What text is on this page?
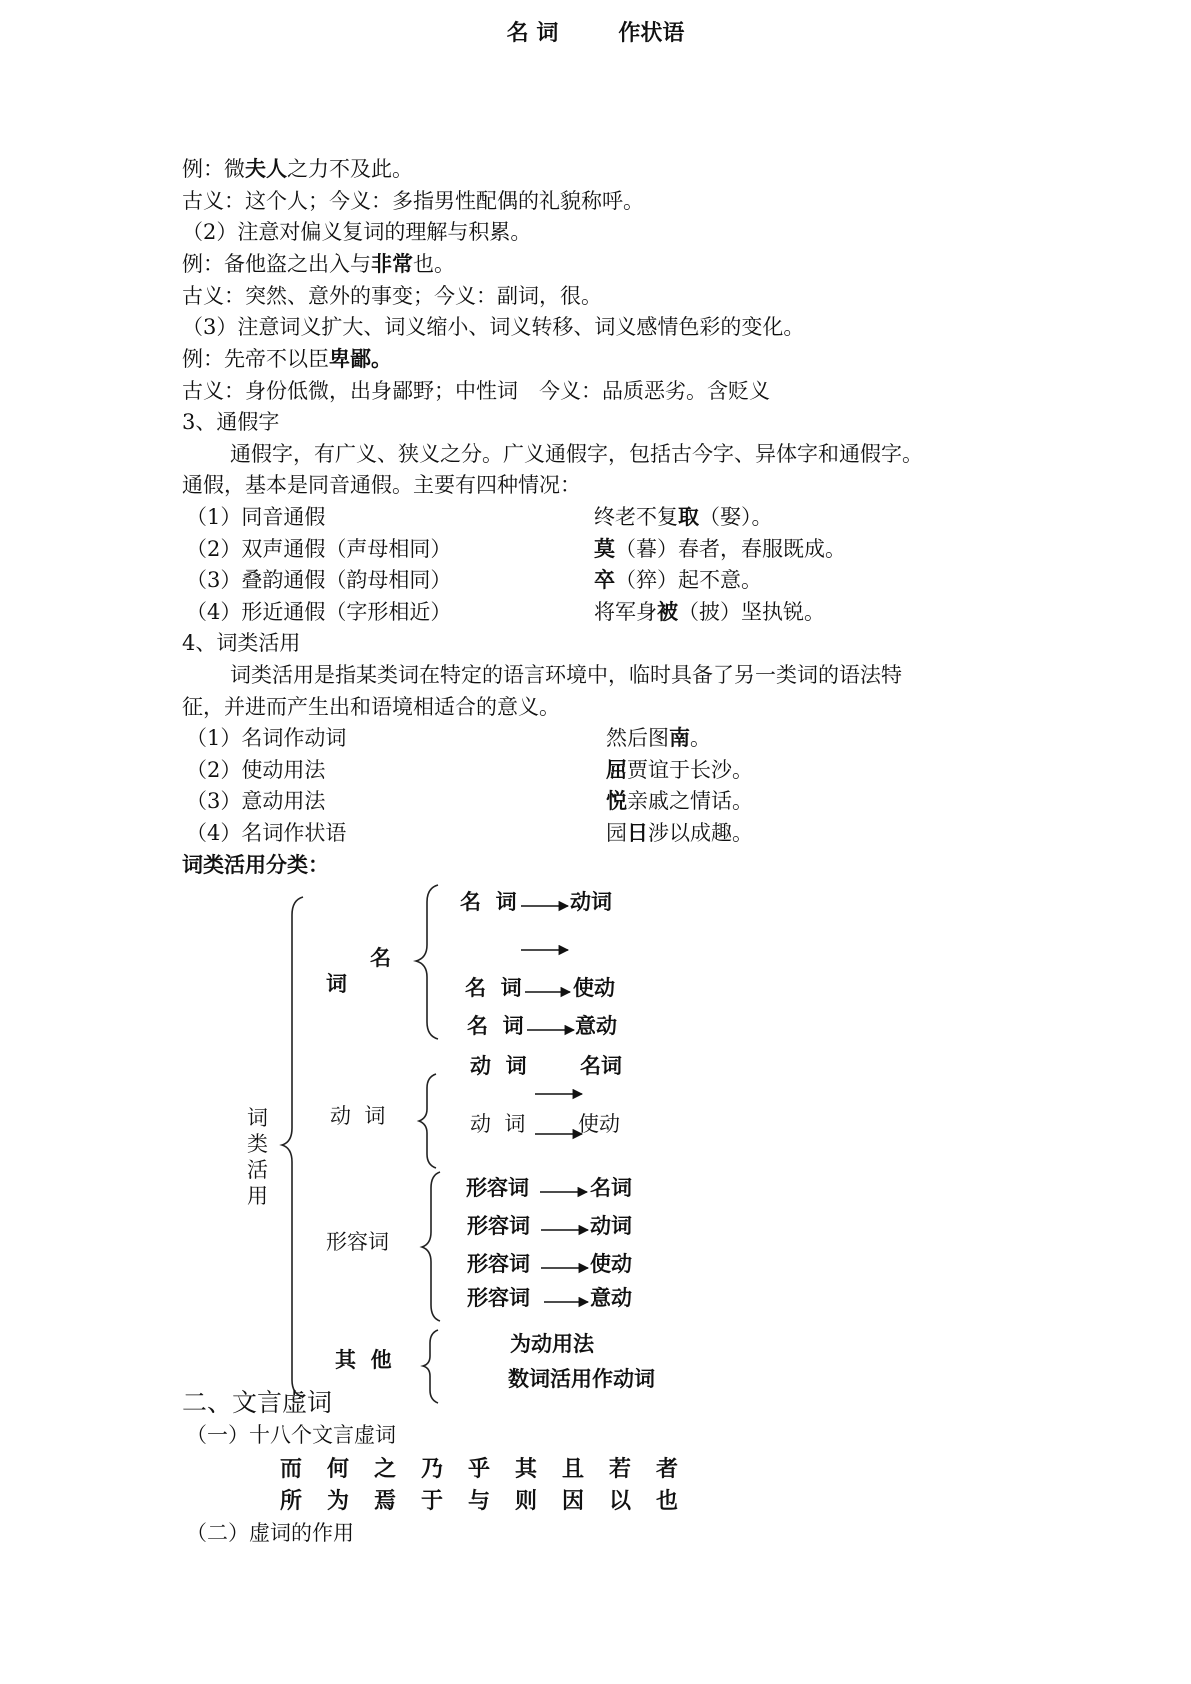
名 词	作状语
例：微夫人之力不及此。
古义：这个人；今义：多指男性配偶的礼貌称呼。
（2）注意对偏义复词的理解与积累。
例：备他盗之出入与非常也。
古义：突然、意外的事变；今义：副词，很。
（3）注意词义扩大、词义缩小、词义转移、词义感情色彩的变化。
例：先帝不以臣卑鄙。
古义：身份低微，出身鄙野；中性词　今义：品质恶劣。含贬义
3、通假字
通假字，有广义、狭义之分。广义通假字，包括古今字、异体字和通假字。
通假，基本是同音通假。主要有四种情况：
（1）同音通假	终老不复取（娶）。
（2）双声通假（声母相同）	莫（暮）春者，春服既成。
（3）叠韵通假（韵母相同）	卒（猝）起不意。
（4）形近通假（字形相近）	将军身被（披）坚执锐。
4、词类活用
词类活用是指某类词在特定的语言环境中，临时具备了另一类词的语法特
征，并进而产生出和语境相适合的意义。
（1）名词作动词	然后图南。
（2）使动用法	屈贾谊于长沙。
（3）意动用法	悦亲戚之情话。
（4）名词作状语	园日涉以成趣。
词类活用分类：
词类活用
名
词
名  词	动词
名  词 使动
名  词 意动
动  词
动  词	名词
动  词	使动
形容词
形容词	名词
形容词	动词
形容词	使动
形容词	意动
其  他
为动用法
数词活用作动词
二、文言虚词
（一）十八个文言虚词
而 何 之 乃 乎 其 且 若 者
所 为 焉 于 与 则 因 以 也
（二）虚词的作用
